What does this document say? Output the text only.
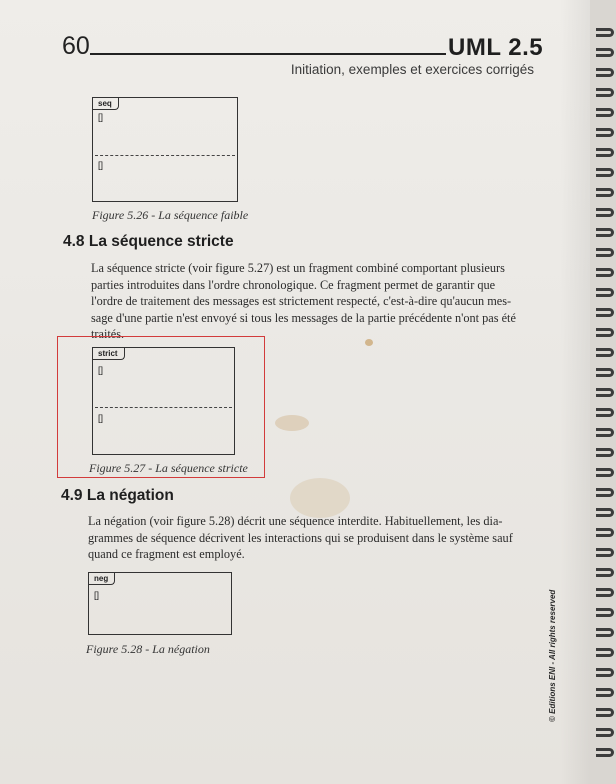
60	UML 2.5
Initiation, exemples et exercices corrigés
seq
[]
[]
Figure 5.26 - La séquence faible
4.8 La séquence stricte
La séquence stricte (voir figure 5.27) est un fragment combiné comportant plusieurs
parties introduites dans l'ordre chronologique. Ce fragment permet de garantir que
l'ordre de traitement des messages est strictement respecté, c'est-à-dire qu'aucun mes-
sage d'une partie n'est envoyé si tous les messages de la partie précédente n'ont pas été
traités.
strict
[]
[]
Figure 5.27 - La séquence stricte
4.9 La négation
La négation (voir figure 5.28) décrit une séquence interdite. Habituellement, les dia-
grammes de séquence décrivent les interactions qui se produisent dans le système sauf
quand ce fragment est employé.
neg
[]
Figure 5.28 - La négation	© Editions ENI - All rights reserved
